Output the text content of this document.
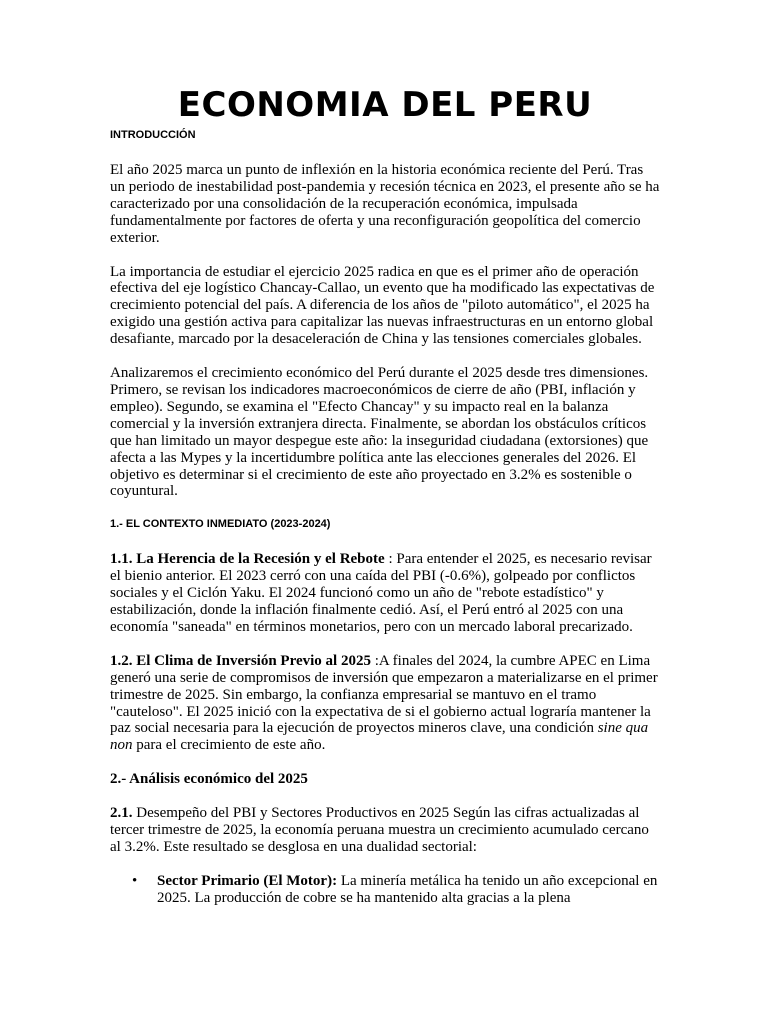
ECONOMIA DEL PERU
INTRODUCCIÓN

El año 2025 marca un punto de inflexión en la historia económica reciente del Perú. Tras un periodo de inestabilidad post-pandemia y recesión técnica en 2023, el presente año se ha caracterizado por una consolidación de la recuperación económica, impulsada fundamentalmente por factores de oferta y una reconfiguración geopolítica del comercio exterior.

La importancia de estudiar el ejercicio 2025 radica en que es el primer año de operación efectiva del eje logístico Chancay-Callao, un evento que ha modificado las expectativas de crecimiento potencial del país. A diferencia de los años de "piloto automático", el 2025 ha exigido una gestión activa para capitalizar las nuevas infraestructuras en un entorno global desafiante, marcado por la desaceleración de China y las tensiones comerciales globales.

Analizaremos el crecimiento económico del Perú durante el 2025 desde tres dimensiones. Primero, se revisan los indicadores macroeconómicos de cierre de año (PBI, inflación y empleo). Segundo, se examina el "Efecto Chancay" y su impacto real en la balanza comercial y la inversión extranjera directa. Finalmente, se abordan los obstáculos críticos que han limitado un mayor despegue este año: la inseguridad ciudadana (extorsiones) que afecta a las Mypes y la incertidumbre política ante las elecciones generales del 2026. El objetivo es determinar si el crecimiento de este año proyectado en 3.2% es sostenible o coyuntural.

1.- EL CONTEXTO INMEDIATO (2023-2024)

1.1. La Herencia de la Recesión y el Rebote : Para entender el 2025, es necesario revisar el bienio anterior. El 2023 cerró con una caída del PBI (-0.6%), golpeado por conflictos sociales y el Ciclón Yaku. El 2024 funcionó como un año de "rebote estadístico" y estabilización, donde la inflación finalmente cedió. Así, el Perú entró al 2025 con una economía "saneada" en términos monetarios, pero con un mercado laboral precarizado.

1.2. El Clima de Inversión Previo al 2025 :A finales del 2024, la cumbre APEC en Lima generó una serie de compromisos de inversión que empezaron a materializarse en el primer trimestre de 2025. Sin embargo, la confianza empresarial se mantuvo en el tramo "cauteloso". El 2025 inició con la expectativa de si el gobierno actual lograría mantener la paz social necesaria para la ejecución de proyectos mineros clave, una condición sine qua non para el crecimiento de este año.

2.- Análisis económico del 2025

2.1. Desempeño del PBI y Sectores Productivos en 2025 Según las cifras actualizadas al tercer trimestre de 2025, la economía peruana muestra un crecimiento acumulado cercano al 3.2%. Este resultado se desglosa en una dualidad sectorial:

• Sector Primario (El Motor): La minería metálica ha tenido un año excepcional en 2025. La producción de cobre se ha mantenido alta gracias a la plena
